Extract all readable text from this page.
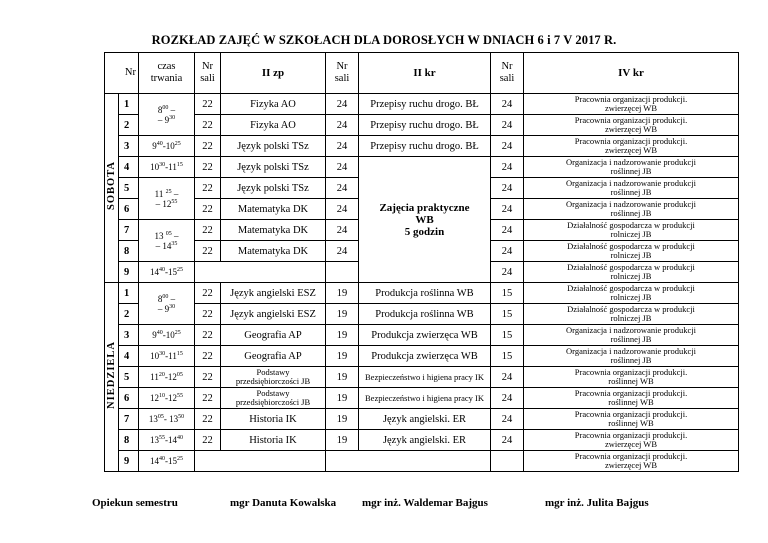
ROZKŁAD ZAJĘĆ W SZKOŁACH DLA DOROSŁYCH W DNIACH 6 i 7 V 2017 R.
Nr		czas trwania	Nr sali	II zp	Nr sali	II kr	Nr sali	IV kr
SOBOTA	1	$8^{00}$ –
– $9^{30}$	22	Fizyka AO	24	Przepisy ruchu drogo. BŁ	24	Pracownia organizacji produkcji.
zwierzęcej WB
	2		22	Fizyka AO	24	Przepisy ruchu drogo. BŁ	24	Pracownia organizacji produkcji.
zwierzęcej WB
	3	$9^{40}-10^{25}$	22	Język polski TSz	24	Przepisy ruchu drogo. BŁ	24	Pracownia organizacji produkcji.
zwierzęcej WB
	4	$10^{30}-11^{15}$	22	Język polski TSz	24	Zajęcia praktyczne
WB
5 godzin	24	Organizacja i nadzorowanie produkcji
roślinnej JB
	5	11 $^{25}$ –
– $12^{55}$	22	Język polski TSz	24		24	Organizacja i nadzorowanie produkcji
roślinnej JB
	6		22	Matematyka DK	24		24	Organizacja i nadzorowanie produkcji
roślinnej JB
	7	13 $^{05}$ –
– $14^{35}$	22	Matematyka DK	24		24	Działalność gospodarcza w produkcji
rolniczej JB
	8		22	Matematyka DK	24		24	Działalność gospodarcza w produkcji
rolniczej JB
	9	$14^{40}-15^{25}$					24	Działalność gospodarcza w produkcji
rolniczej JB
NIEDZIELA	1	$8^{00}$ –
– $9^{30}$	22	Język angielski ESZ	19	Produkcja roślinna WB	15	Działalność gospodarcza w produkcji
rolniczej JB
	2		22	Język angielski ESZ	19	Produkcja roślinna WB	15	Działalność gospodarcza w produkcji
rolniczej JB
	3	$9^{40}-10^{25}$	22	Geografia AP	19	Produkcja zwierzęca WB	15	Organizacja i nadzorowanie produkcji
roślinnej JB
	4	$10^{30}-11^{15}$	22	Geografia AP	19	Produkcja zwierzęca WB	15	Organizacja i nadzorowanie produkcji
roślinnej JB
	5	$11^{20}-12^{05}$	22	Podstawy
przedsiębiorczości JB	19	Bezpieczeństwo i higiena pracy IK	24	Pracownia organizacji produkcji.
roślinnej WB
	6	$12^{10}-12^{55}$	22	Podstawy
przedsiębiorczości JB	19	Bezpieczeństwo i higiena pracy IK	24	Pracownia organizacji produkcji.
roślinnej WB
	7	$13^{05}-$ $13^{50}$	22	Historia IK	19	Język angielski. ER	24	Pracownia organizacji produkcji.
roślinnej WB
	8	$13^{55}-14^{40}$	22	Historia IK	19	Język angielski. ER	24	Pracownia organizacji produkcji.
zwierzęcej WB
	9	$14^{40}-15^{25}$						Pracownia organizacji produkcji.
zwierzęcej WB
Opiekun semestru	mgr Danuta Kowalska mgr inż. Waldemar Bajgus	mgr inż. Julita Bajgus
